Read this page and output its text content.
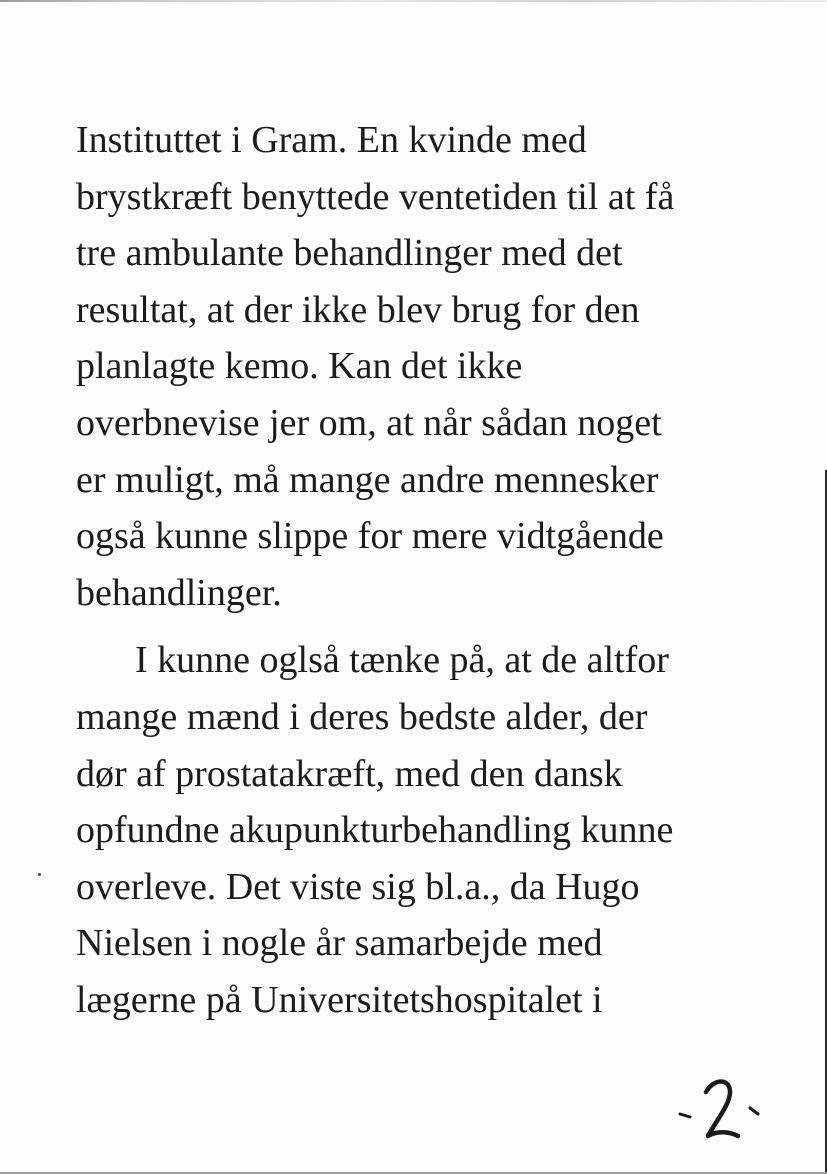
Instituttet i Gram. En kvinde med
brystkræft benyttede ventetiden til at få
tre ambulante behandlinger med det
resultat, at der ikke blev brug for den
planlagte kemo. Kan det ikke
overbnevise jer om, at når sådan noget
er muligt, må mange andre mennesker
også kunne slippe for mere vidtgående
behandlinger.
I kunne oglså tænke på, at de altfor
mange mænd i deres bedste alder, der
dør af prostatakræft, med den dansk
opfundne akupunkturbehandling kunne
overleve. Det viste sig bl.a., da Hugo
Nielsen i nogle år samarbejde med
lægerne på Universitetshospitalet i
